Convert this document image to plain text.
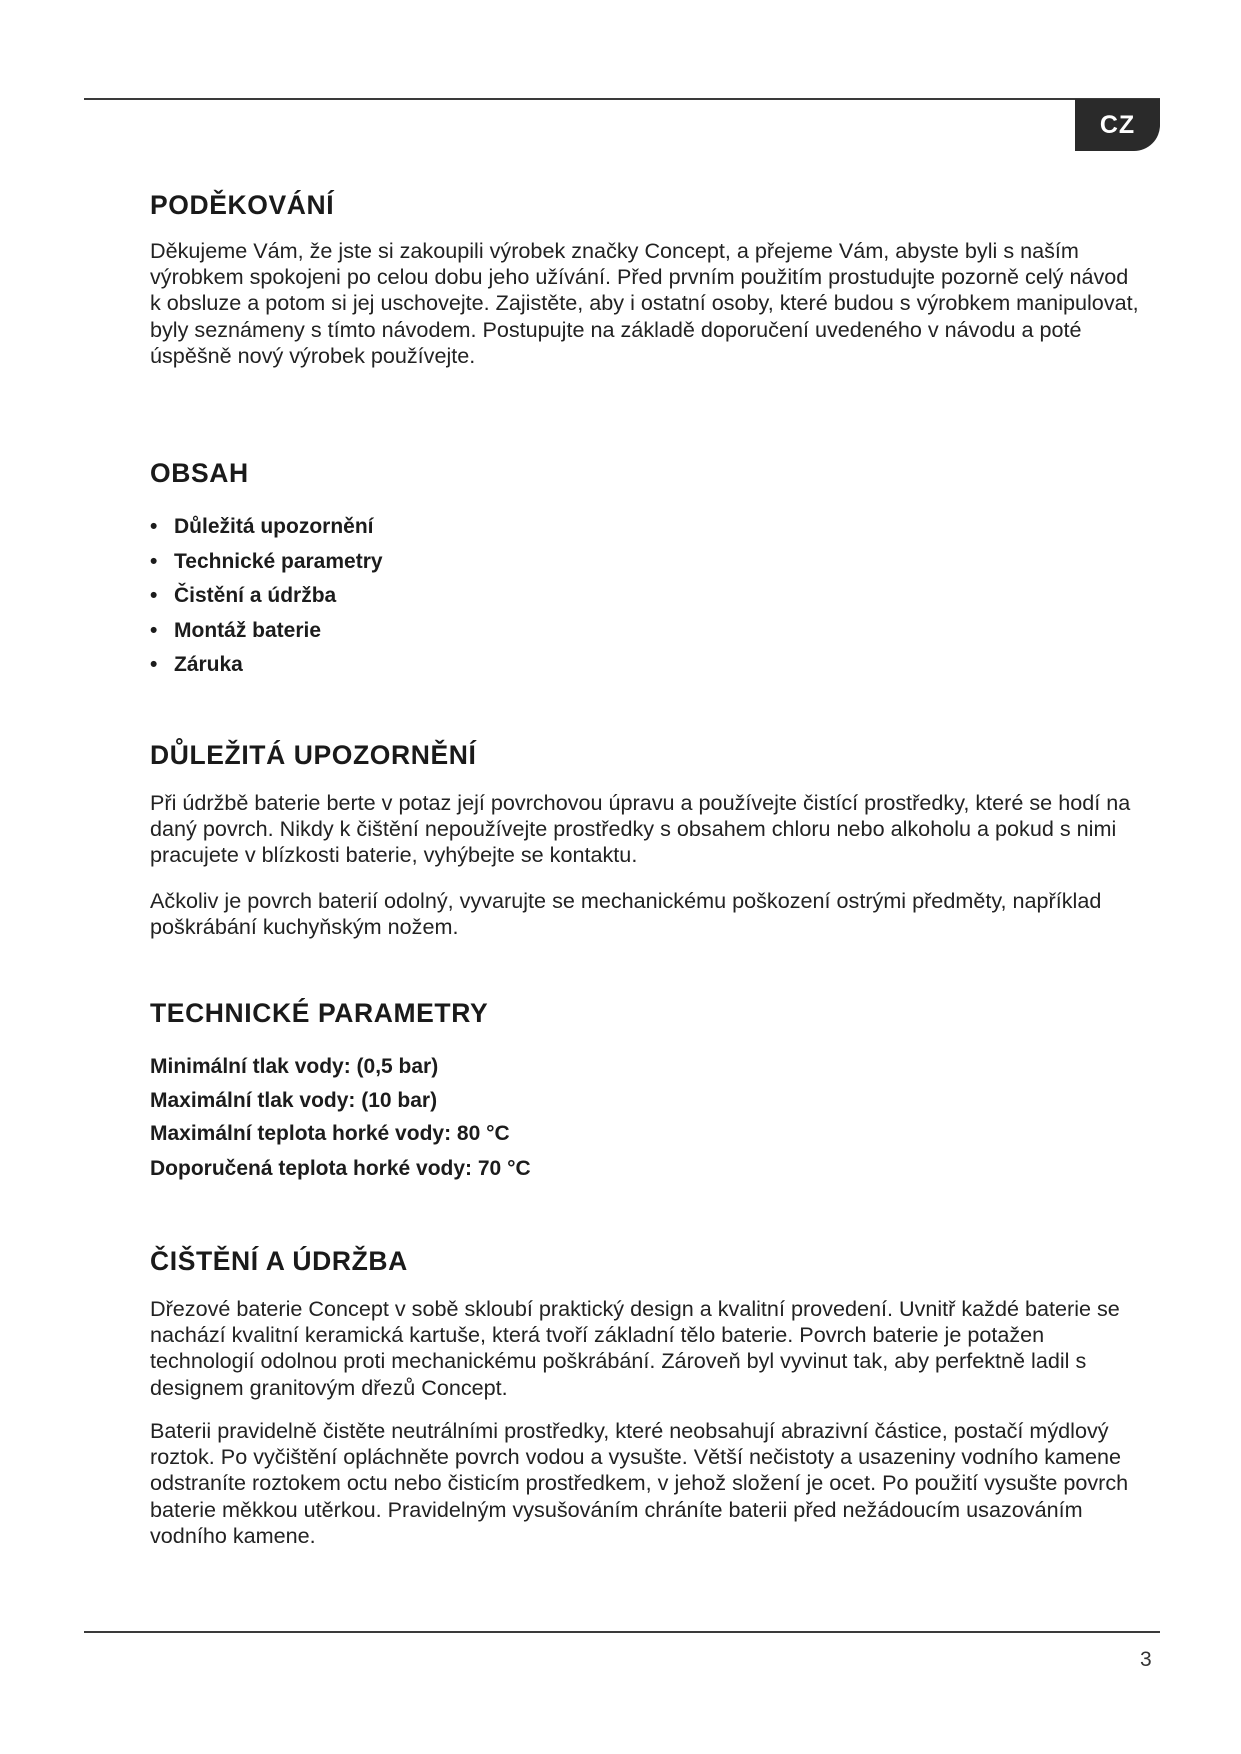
CZ
PODĚKOVÁNÍ

Děkujeme Vám, že jste si zakoupili výrobek značky Concept, a přejeme Vám, abyste byli s naším výrobkem spokojeni po celou dobu jeho užívání. Před prvním použitím prostudujte pozorně celý návod k obsluze a potom si jej uschovejte. Zajistěte, aby i ostatní osoby, které budou s výrobkem manipulovat, byly seznámeny s tímto návodem. Postupujte na základě doporučení uvedeného v návodu a poté úspěšně nový výrobek používejte.

OBSAH
• Důležitá upozornění
• Technické parametry
• Čistění a údržba
• Montáž baterie
• Záruka
DŮLEŽITÁ UPOZORNĚNÍ

Při údržbě baterie berte v potaz její povrchovou úpravu a používejte čistící prostředky, které se hodí na daný povrch. Nikdy k čištění nepoužívejte prostředky s obsahem chloru nebo alkoholu a pokud s nimi pracujete v blízkosti baterie, vyhýbejte se kontaktu.

Ačkoliv je povrch baterií odolný, vyvarujte se mechanickému poškození ostrými předměty, například poškrábání kuchyňským nožem.

TECHNICKÉ PARAMETRY
Minimální tlak vody: (0,5 bar)
Maximální tlak vody: (10 bar)
Maximální teplota horké vody: 80 °C
Doporučená teplota horké vody: 70 °C
ČIŠTĚNÍ A ÚDRŽBA

Dřezové baterie Concept v sobě skloubí praktický design a kvalitní provedení. Uvnitř každé baterie se nachází kvalitní keramická kartuše, která tvoří základní tělo baterie. Povrch baterie je potažen technologií odolnou proti mechanickému poškrábání. Zároveň byl vyvinut tak, aby perfektně ladil s designem granitovým dřezů Concept.

Baterii pravidelně čistěte neutrálními prostředky, které neobsahují abrazivní částice, postačí mýdlový roztok. Po vyčištění opláchněte povrch vodou a vysušte. Větší nečistoty a usazeniny vodního kamene odstraníte roztokem octu nebo čisticím prostředkem, v jehož složení je ocet. Po použití vysušte povrch baterie měkkou utěrkou. Pravidelným vysušováním chráníte baterii před nežádoucím usazováním vodního kamene.

3
